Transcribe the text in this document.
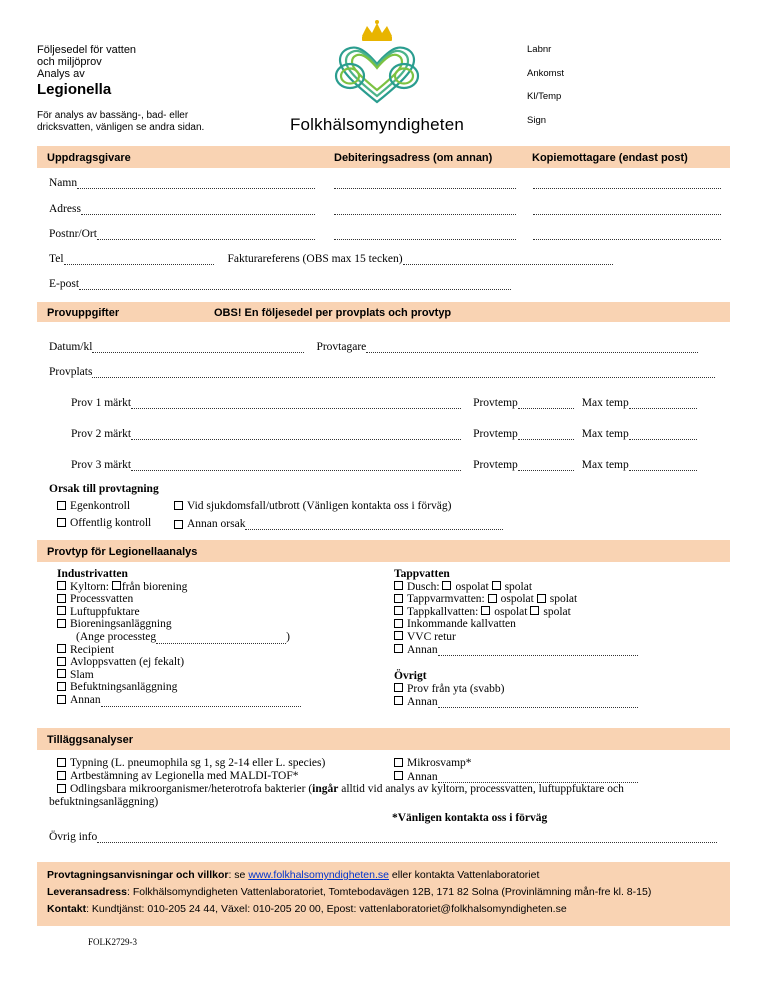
Följesedel för vatten
och miljöprov
Analys av
Legionella
För analys av bassäng-, bad- eller
dricksvatten, vänligen se andra sidan.	Folkhälsomyndigheten
Labnr
Ankomst
Kl/Temp
Sign
Uppdragsgivare	Debiteringsadress (om annan)	Kopiemottagare (endast post)
Namn
Adress
Postnr/Ort
Tel	Fakturareferens (OBS max 15 tecken)
E-post
Provuppgifter	OBS! En följesedel per provplats och provtyp
Datum/kl	Provtagare
Provplats
Prov 1 märkt	Provtemp	Max temp
Prov 2 märkt	Provtemp	Max temp
Prov 3 märkt	Provtemp	Max temp
Orsak till provtagning
Egenkontroll	Vid sjukdomsfall/utbrott (Vänligen kontakta oss i förväg)
Offentlig kontroll	Annan orsak
Provtyp för Legionellaanalys
Industrivatten
Kyltorn: från biorening
Processvatten
Luftuppfuktare
Bioreningsanläggning
(Ange processteg	)
Recipient
Avloppsvatten (ej fekalt)
Slam
Befuktningsanläggning
Annan
Tappvatten
Dusch: ospolat spolat
Tappvarmvatten: ospolat spolat
Tappkallvatten: ospolat spolat
Inkommande kallvatten
VVC retur
Annan
Övrigt
Prov från yta (svabb)
Annan
Tilläggsanalyser
Typning (L. pneumophila sg 1, sg 2-14 eller L. species)	Mikrosvamp*
Artbestämning av Legionella med MALDI-TOF*	Annan
Odlingsbara mikroorganismer/heterotrofa bakterier (ingår alltid vid analys av kyltorn, processvatten, luftuppfuktare och
befuktningsanläggning)
*Vänligen kontakta oss i förväg
Övrig info
Provtagningsanvisningar och villkor: se www.folkhalsomyndigheten.se eller kontakta Vattenlaboratoriet
Leveransadress: Folkhälsomyndigheten Vattenlaboratoriet, Tomtebodavägen 12B, 171 82 Solna (Provinlämning mån-fre kl. 8-15)
Kontakt: Kundtjänst: 010-205 24 44, Växel: 010-205 20 00, Epost: vattenlaboratoriet@folkhalsomyndigheten.se
FOLK2729-3
